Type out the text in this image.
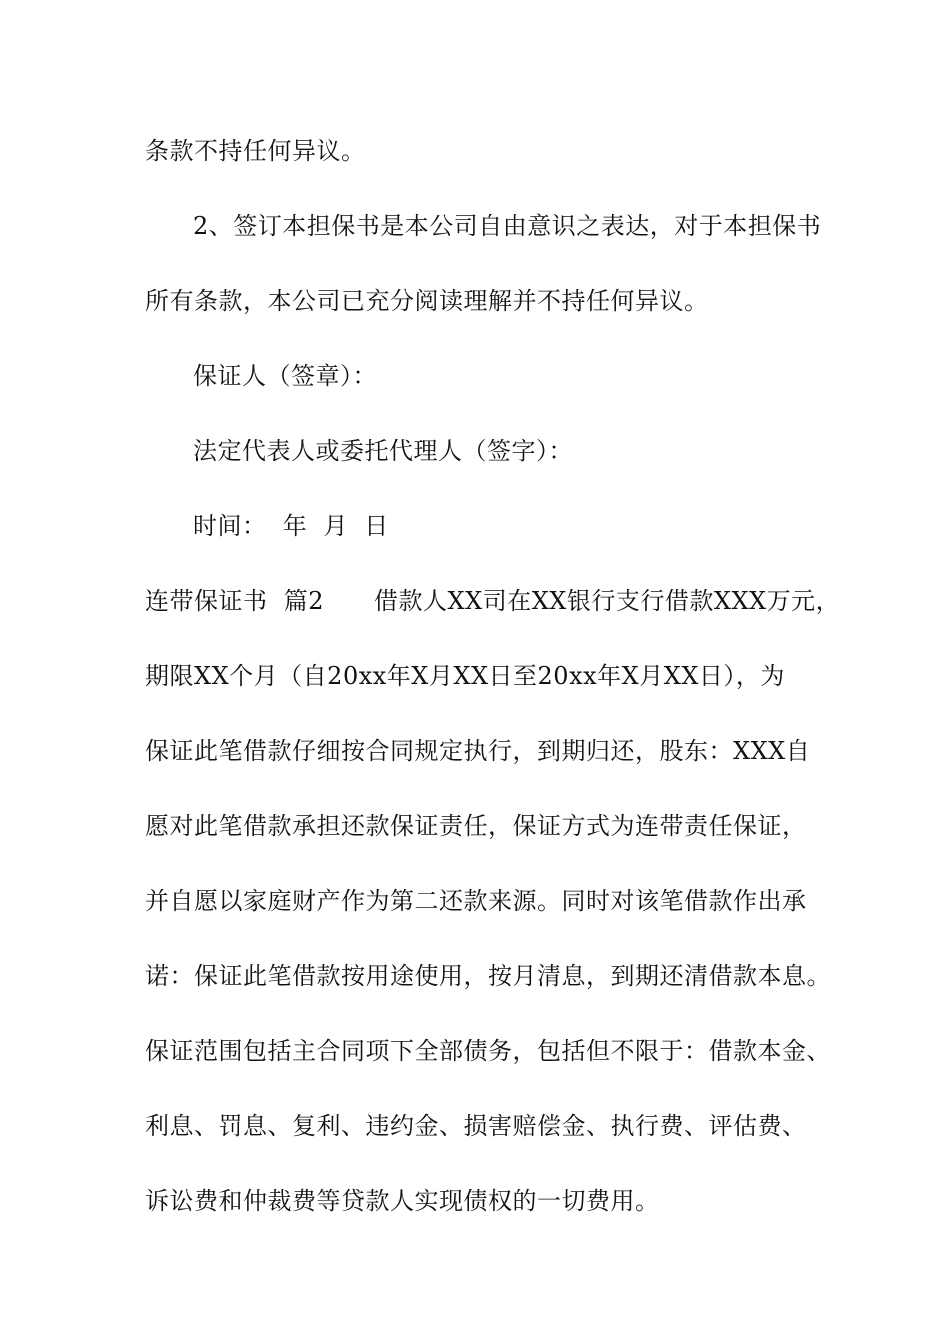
条款不持任何异议。

2、签订本担保书是本公司自由意识之表达，对于本担保书

所有条款，本公司已充分阅读理解并不持任何异议。

保证人（签章）：

法定代表人或委托代理人（签字）：

时间：  年  月  日

连带保证书  篇2 借款人XX司在XX银行支行借款XXX万元，

期限XX个月（自20xx年X月XX日至20xx年X月XX日），为

保证此笔借款仔细按合同规定执行，到期归还，股东：XXX自

愿对此笔借款承担还款保证责任，保证方式为连带责任保证，

并自愿以家庭财产作为第二还款来源。同时对该笔借款作出承

诺：保证此笔借款按用途使用，按月清息，到期还清借款本息。

保证范围包括主合同项下全部债务，包括但不限于：借款本金、

利息、罚息、复利、违约金、损害赔偿金、执行费、评估费、

诉讼费和仲裁费等贷款人实现债权的一切费用。
